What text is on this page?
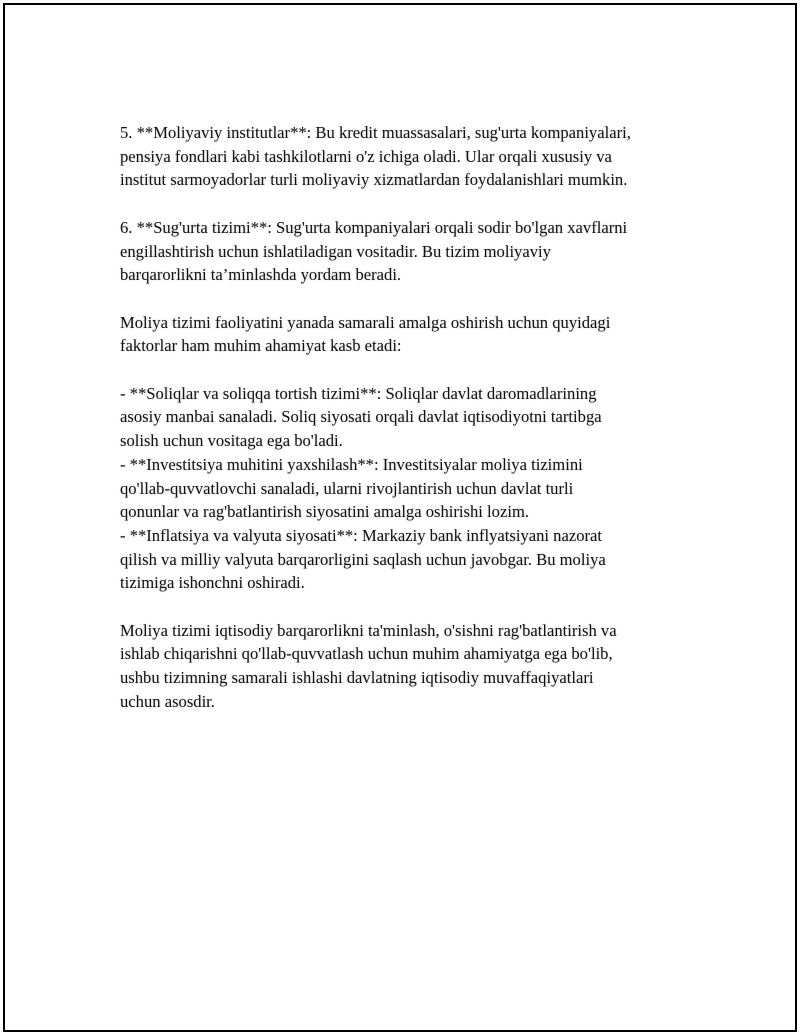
5. **Moliyaviy institutlar**: Bu kredit muassasalari, sug'urta kompaniyalari,
pensiya fondlari kabi tashkilotlarni o'z ichiga oladi. Ular orqali xususiy va
institut sarmoyadorlar turli moliyaviy xizmatlardan foydalanishlari mumkin.

6. **Sug'urta tizimi**: Sug'urta kompaniyalari orqali sodir bo'lgan xavflarni
engillashtirish uchun ishlatiladigan vositadir. Bu tizim moliyaviy
barqarorlikni ta’minlashda yordam beradi.

Moliya tizimi faoliyatini yanada samarali amalga oshirish uchun quyidagi
faktorlar ham muhim ahamiyat kasb etadi:

- **Soliqlar va soliqqa tortish tizimi**: Soliqlar davlat daromadlarining
asosiy manbai sanaladi. Soliq siyosati orqali davlat iqtisodiyotni tartibga
solish uchun vositaga ega bo'ladi.

- **Investitsiya muhitini yaxshilash**: Investitsiyalar moliya tizimini
qo'llab-quvvatlovchi sanaladi, ularni rivojlantirish uchun davlat turli
qonunlar va rag'batlantirish siyosatini amalga oshirishi lozim.

- **Inflatsiya va valyuta siyosati**: Markaziy bank inflyatsiyani nazorat
qilish va milliy valyuta barqarorligini saqlash uchun javobgar. Bu moliya
tizimiga ishonchni oshiradi.

Moliya tizimi iqtisodiy barqarorlikni ta'minlash, o'sishni rag'batlantirish va
ishlab chiqarishni qo'llab-quvvatlash uchun muhim ahamiyatga ega bo'lib,
ushbu tizimning samarali ishlashi davlatning iqtisodiy muvaffaqiyatlari
uchun asosdir.
